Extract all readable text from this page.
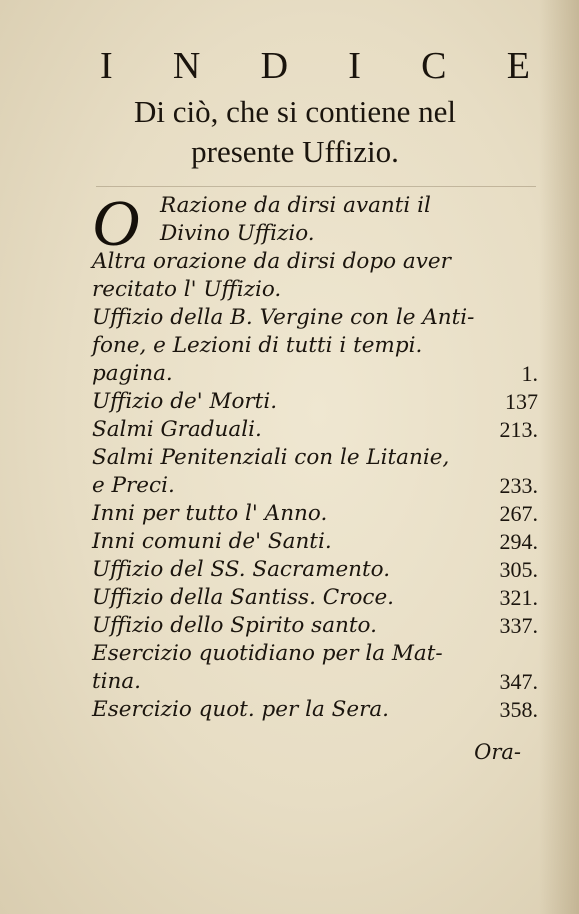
I N D I C E
Di ciò, che si contiene nel
presente Uffizio.
O Razione da dirsi avanti il
Divino Uffizio.
Altra orazione da dirsi dopo aver
recitato l' Uffizio.
Uffizio della B. Vergine con le Anti-
fone, e Lezioni di tutti i tempi.
pagina.	1.
Uffizio de' Morti.	137
Salmi Graduali.	213.
Salmi Penitenziali con le Litanie,
e Preci.	233.
Inni per tutto l' Anno.	267.
Inni comuni de' Santi.	294.
Uffizio del SS. Sacramento.	305.
Uffizio della Santiss. Croce.	321.
Uffizio dello Spirito santo.	337.
Esercizio quotidiano per la Mat-
tina.	347.
Esercizio quot. per la Sera.	358.
Ora-
